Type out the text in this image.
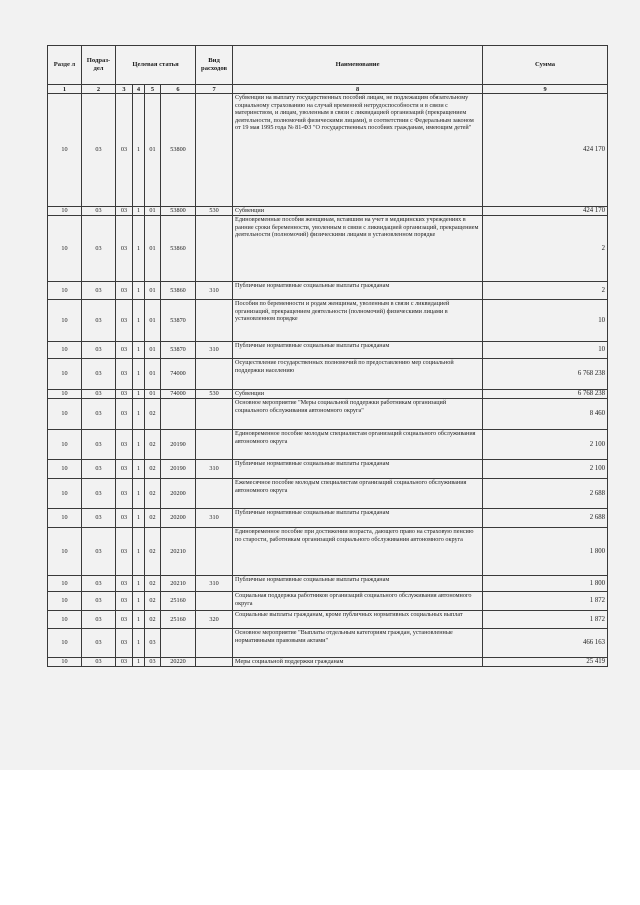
Разде л	Подраз-дел	Целевая статья				Вид расходов	Наименование	Сумма
1	2	3	4	5	6	7	8	9
10	03	03	1	01	53800		Субвенции на выплату государственных пособий лицам, не подлежащим обязательному социальному страхованию на случай временной нетрудоспособности и в связи с материнством, и лицам, уволенным в связи с ликвидацией организаций (прекращением деятельности, полномочий физическими лицами), в соответствии с Федеральным законом от 19 мая 1995 года № 81-ФЗ "О государственных пособиях гражданам, имеющим детей"	424 170
10	03	03	1	01	53800	530	Субвенции	424 170
10	03	03	1	01	53860		Единовременные пособия женщинам, вставшим на учет в медицинских учреждениях в ранние сроки беременности, уволенным в связи с ликвидацией организаций, прекращением деятельности (полномочий) физическими лицами в установленном порядке	2
10	03	03	1	01	53860	310	Публичные нормативные социальные выплаты гражданам	2
10	03	03	1	01	53870		Пособия по беременности и родам женщинам, уволенным в связи с ликвидацией организаций, прекращением деятельности (полномочий) физическими лицами в установленном порядке	10
10	03	03	1	01	53870	310	Публичные нормативные социальные выплаты гражданам	10
10	03	03	1	01	74000		Осуществление государственных полномочий по предоставлению мер социальной поддержки населению	6 768 238
10	03	03	1	01	74000	530	Субвенции	6 768 238
10	03	03	1	02			Основное мероприятие "Меры социальной поддержки работникам организаций социального обслуживания автономного округа"	8 460
10	03	03	1	02	20190		Единовременное пособие молодым специалистам организаций социального обслуживания автономного округа	2 100
10	03	03	1	02	20190	310	Публичные нормативные социальные выплаты гражданам	2 100
10	03	03	1	02	20200		Ежемесячное пособие молодым специалистам организаций социального обслуживания автономного округа	2 688
10	03	03	1	02	20200	310	Публичные нормативные социальные выплаты гражданам	2 688
10	03	03	1	02	20210		Единовременное пособие при достижении возраста, дающего право на страховую пенсию по старости, работникам организаций социального обслуживания автономного округа	1 800
10	03	03	1	02	20210	310	Публичные нормативные социальные выплаты гражданам	1 800
10	03	03	1	02	25160		Социальная поддержка работников организаций социального обслуживания автономного округа	1 872
10	03	03	1	02	25160	320	Социальные выплаты гражданам, кроме публичных нормативных социальных выплат	1 872
10	03	03	1	03			Основное мероприятие "Выплаты отдельным категориям граждан, установленные нормативными правовыми актами"	466 163
10	03	03	1	03	20220		Меры социальной поддержки гражданам	25 419
